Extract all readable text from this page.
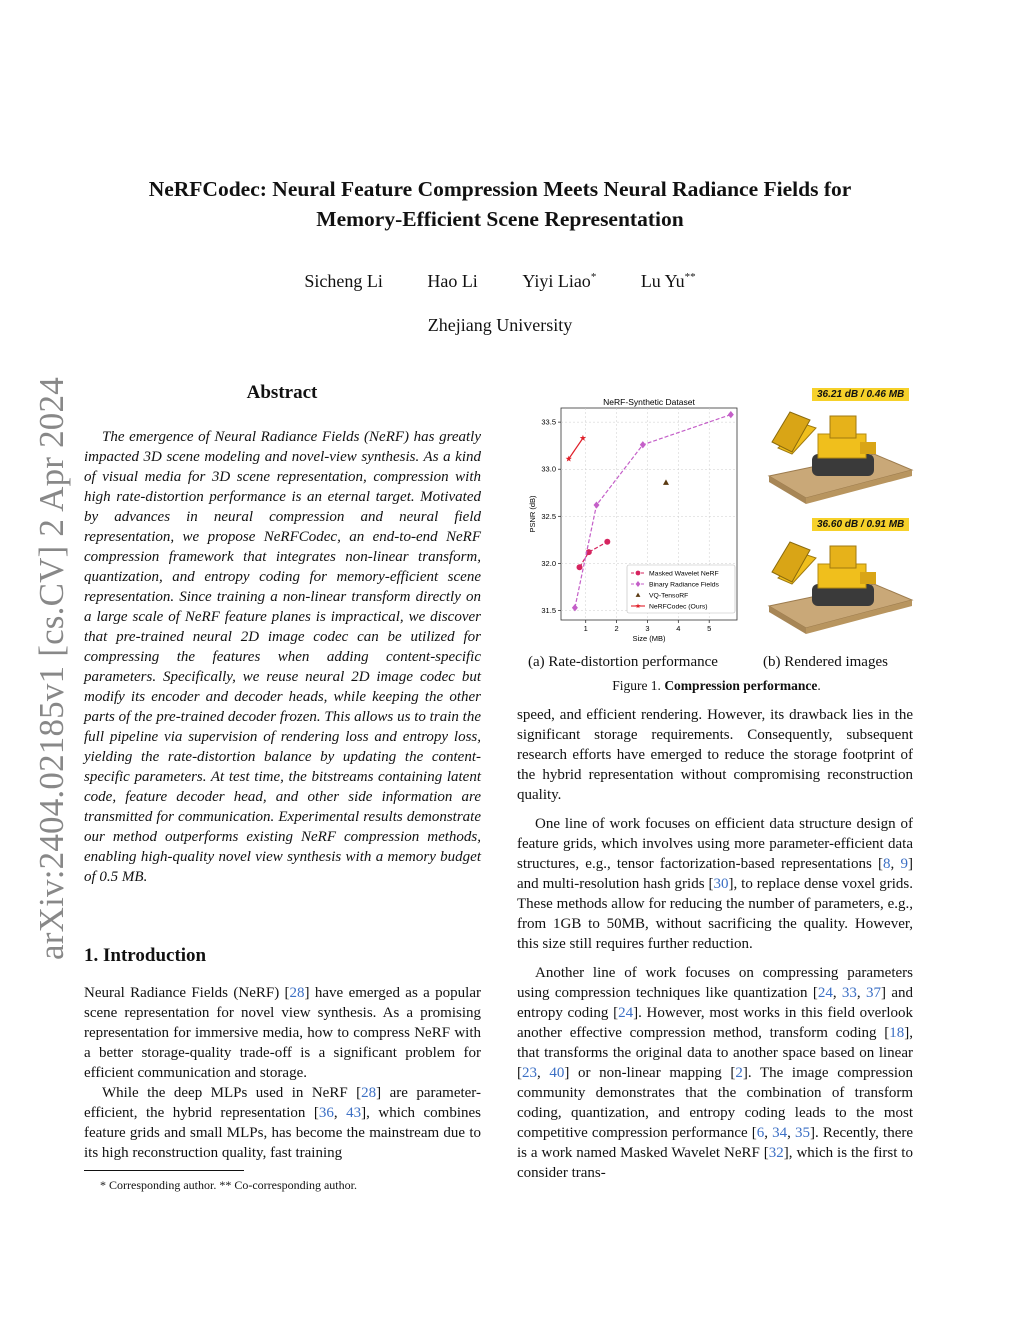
NeRFCodec: Neural Feature Compression Meets Neural Radiance Fields for
Memory-Efficient Scene Representation
Sicheng Li Hao Li Yiyi Liao* Lu Yu**
Zhejiang University
arXiv:2404.02185v1 [cs.CV] 2 Apr 2024	Abstract

The emergence of Neural Radiance Fields (NeRF) has greatly impacted 3D scene modeling and novel-view synthesis. As a kind of visual media for 3D scene representation, compression with high rate-distortion performance is an eternal target. Motivated by advances in neural compression and neural field representation, we propose NeRFCodec, an end-to-end NeRF compression framework that integrates non-linear transform, quantization, and entropy coding for memory-efficient scene representation. Since training a non-linear transform directly on a large scale of NeRF feature planes is impractical, we discover that pre-trained neural 2D image codec can be utilized for compressing the features when adding content-specific parameters. Specifically, we reuse neural 2D image codec but modify its encoder and decoder heads, while keeping the other parts of the pre-trained decoder frozen. This allows us to train the full pipeline via supervision of rendering loss and entropy loss, yielding the rate-distortion balance by updating the content-specific parameters. At test time, the bitstreams containing latent code, feature decoder head, and other side information are transmitted for communication. Experimental results demonstrate our method outperforms existing NeRF compression methods, enabling high-quality novel view synthesis with a memory budget of 0.5 MB.

1. Introduction

Neural Radiance Fields (NeRF) [28] have emerged as a popular scene representation for novel view synthesis. As a promising representation for immersive media, how to compress NeRF with a better storage-quality trade-off is a significant problem for efficient communication and storage.

While the deep MLPs used in NeRF [28] are parameter-efficient, the hybrid representation [36, 43], which combines feature grids and small MLPs, has become the mainstream due to its high reconstruction quality, fast training

* Corresponding author. ** Co-corresponding author.

speed, and efficient rendering. However, its drawback lies in the significant storage requirements. Consequently, subsequent research efforts have emerged to reduce the storage footprint of the hybrid representation without compromising reconstruction quality.

One line of work focuses on efficient data structure design of feature grids, which involves using more parameter-efficient data structures, e.g., tensor factorization-based representations [8, 9] and multi-resolution hash grids [30], to replace dense voxel grids. These methods allow for reducing the number of parameters, e.g., from 1GB to 50MB, without sacrificing the quality. However, this size still requires further reduction.

Another line of work focuses on compressing parameters using compression techniques like quantization [24, 33, 37] and entropy coding [24]. However, most works in this field overlook another effective compression method, transform coding [18], that transforms the original data to another space based on linear [23, 40] or non-linear mapping [2]. The image compression community demonstrates that the combination of transform coding, quantization, and entropy coding leads to the most competitive compression performance [6, 34, 35]. Recently, there is a work named Masked Wavelet NeRF [32], which is the first to consider trans-

NeRF-Synthetic Dataset
Size (MB)
PSNR (dB)
1	2	3	4	5
31.5
32.0
32.5
33.0
33.5
Masked Wavelet NeRF
Binary Radiance Fields
VQ-TensoRF
NeRFCodec (Ours)
36.21 dB / 0.46 MB
36.60 dB / 0.91 MB
(a) Rate-distortion performance	(b) Rendered images
Figure 1. Compression performance.
